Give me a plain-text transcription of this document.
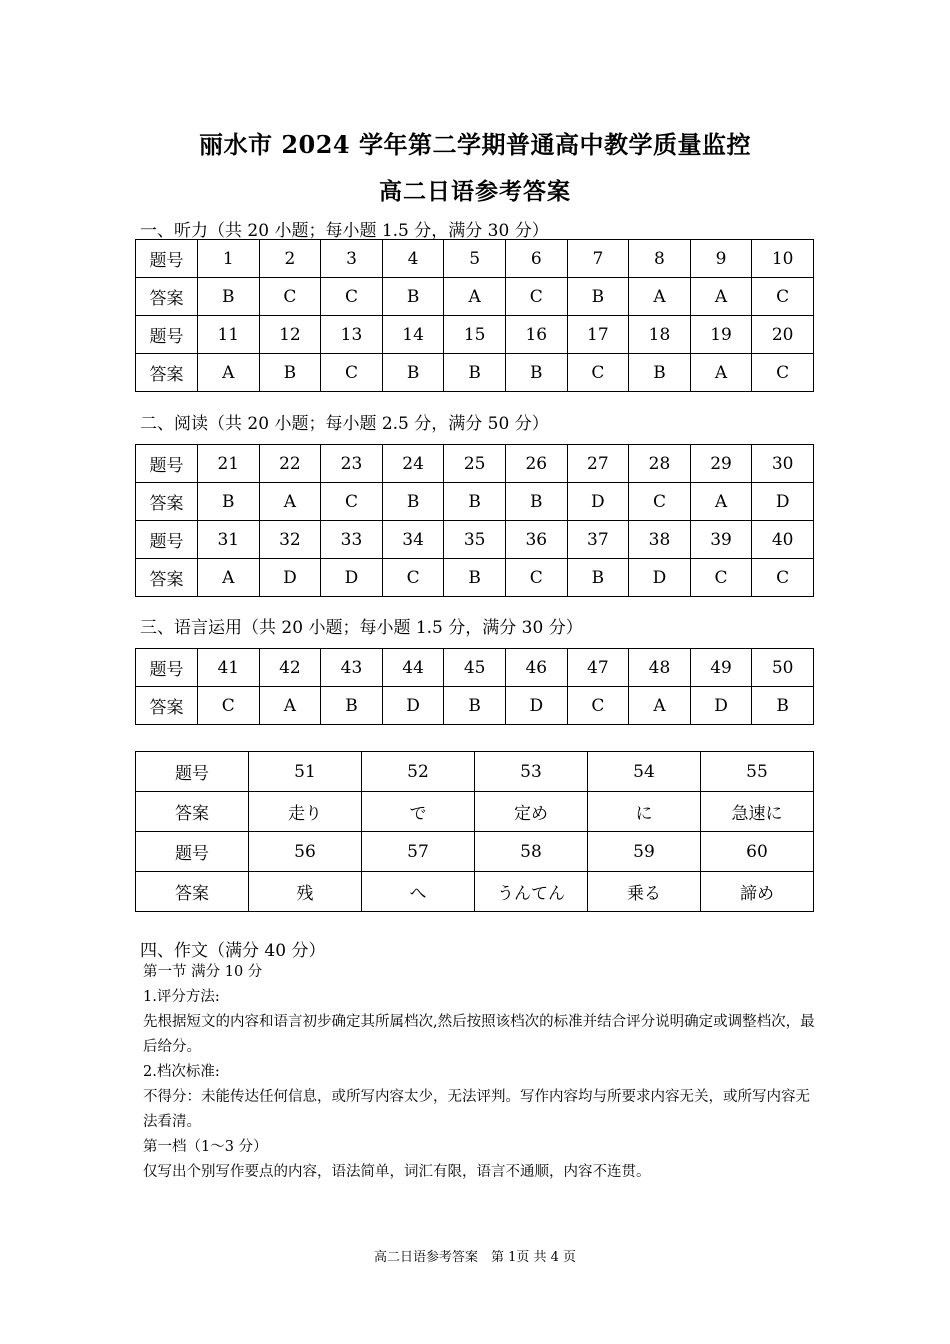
丽水市 2024 学年第二学期普通高中教学质量监控
高二日语参考答案
一、听力（共 20 小题；每小题 1.5 分，满分 30 分）
题号	1	2	3	4	5	6	7	8	9	10
答案	B	C	C	B	A	C	B	A	A	C
题号	11	12	13	14	15	16	17	18	19	20
答案	A	B	C	B	B	B	C	B	A	C
二、阅读（共 20 小题；每小题 2.5 分，满分 50 分）
题号	21	22	23	24	25	26	27	28	29	30
答案	B	A	C	B	B	B	D	C	A	D
题号	31	32	33	34	35	36	37	38	39	40
答案	A	D	D	C	B	C	B	D	C	C
三、语言运用（共 20 小题；每小题 1.5 分，满分 30 分）
题号	41	42	43	44	45	46	47	48	49	50
答案	C	A	B	D	B	D	C	A	D	B
题号	51	52	53	54	55
答案	走り	で	定め	に	急速に
题号	56	57	58	59	60
答案	残	へ	うんてん	乗る	諦め
四、作文（满分 40 分）
第一节 满分 10 分
1.评分方法:
先根据短文的内容和语言初步确定其所属档次,然后按照该档次的标准并结合评分说明确定或调整档次，最后给分。
2.档次标准:
不得分：未能传达任何信息，或所写内容太少，无法评判。写作内容均与所要求内容无关，或所写内容无法看清。
第一档（1～3 分）
仅写出个别写作要点的内容，语法简单，词汇有限，语言不通顺，内容不连贯。
高二日语参考答案　第 1页 共 4 页
